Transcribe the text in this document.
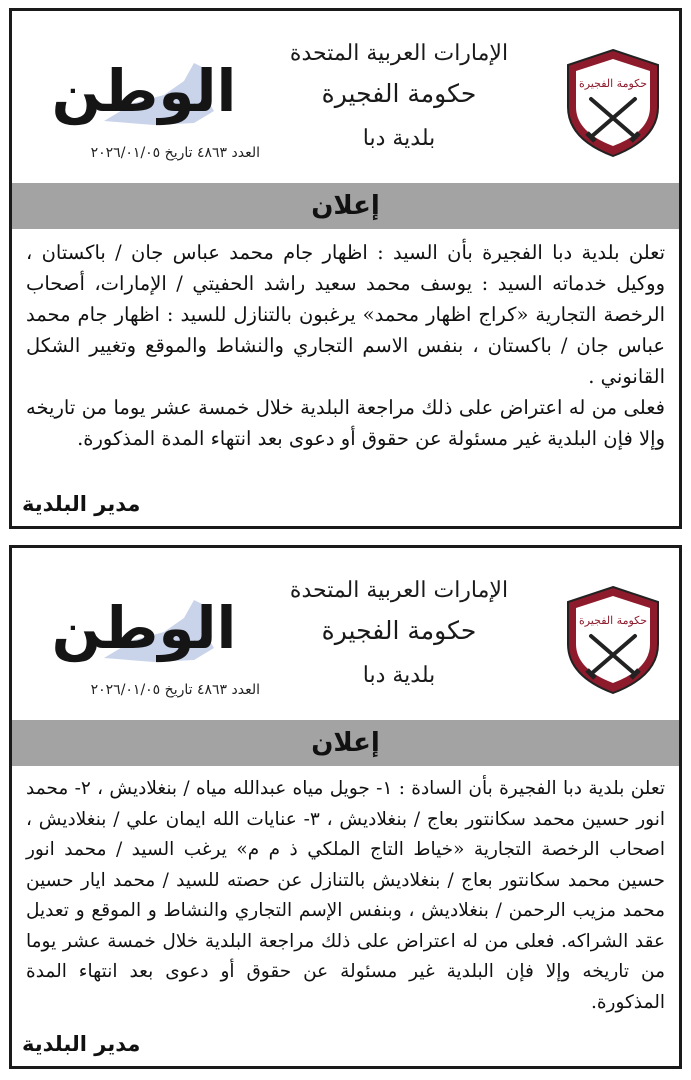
حكومة الفجيرة
الإمارات العربية المتحدة
حكومة الفجيرة
بلدية دبا
الوطن
العدد ٤٨٦٣ تاريخ ٢٠٢٦/٠١/٠٥
إعلان

تعلن بلدية دبا الفجيرة بأن السيد : اظهار جام محمد عباس جان / باكستان ، ووكيل خدماته السيد : يوسف محمد سعيد راشد الحفيتي / الإمارات، أصحاب الرخصة التجارية «كراج اظهار محمد» يرغبون بالتنازل للسيد : اظهار جام محمد عباس جان / باكستان ، بنفس الاسم التجاري والنشاط والموقع وتغيير الشكل القانوني .

فعلى من له اعتراض على ذلك مراجعة البلدية خلال خمسة عشر يوما من تاريخه وإلا فإن البلدية غير مسئولة عن حقوق أو دعوى بعد انتهاء المدة المذكورة.

مدير البلدية
حكومة الفجيرة
الإمارات العربية المتحدة
حكومة الفجيرة
بلدية دبا
الوطن
العدد ٤٨٦٣ تاريخ ٢٠٢٦/٠١/٠٥
إعلان

تعلن بلدية دبا الفجيرة بأن السادة : ١- جويل مياه عبدالله مياه / بنغلاديش ، ٢- محمد انور حسين محمد سكانتور بعاج / بنغلاديش ، ٣- عنايات الله ايمان علي / بنغلاديش ، اصحاب الرخصة التجارية «خياط التاج الملكي ذ م م» يرغب السيد / محمد انور حسين محمد سكانتور بعاج / بنغلاديش بالتنازل عن حصته للسيد / محمد ايار حسين محمد مزيب الرحمن / بنغلاديش ، وبنفس الإسم التجاري والنشاط و الموقع و تعديل عقد الشراكه. فعلى من له اعتراض على ذلك مراجعة البلدية خلال خمسة عشر يوما من تاريخه وإلا فإن البلدية غير مسئولة عن حقوق أو دعوى بعد انتهاء المدة المذكورة.

مدير البلدية
